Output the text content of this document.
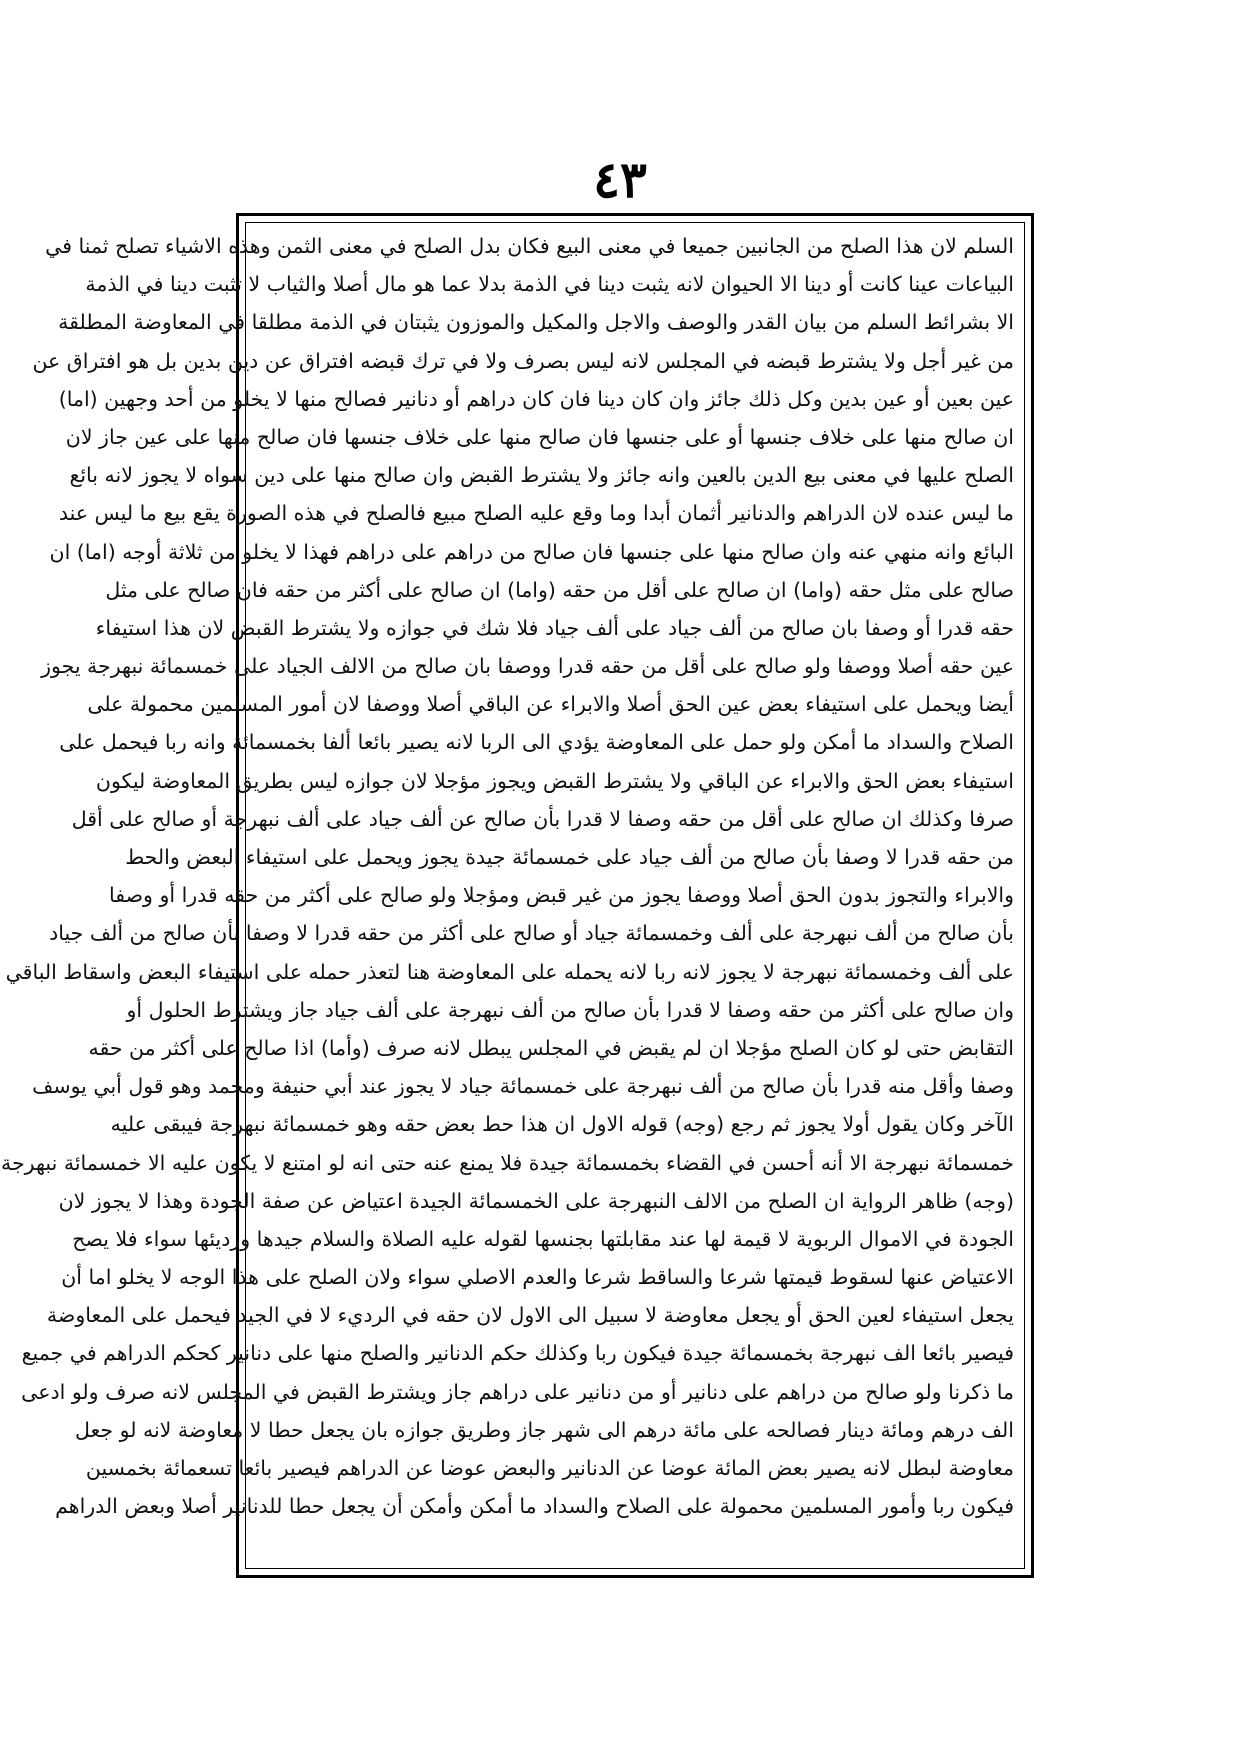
٤٣
السلم لان هذا الصلح من الجانبين جميعا في معنى البيع فكان بدل الصلح في معنى الثمن وهذه الاشياء تصلح ثمنا في
البياعات عينا كانت أو دينا الا الحيوان لانه يثبت دينا في الذمة بدلا عما هو مال أصلا والثياب لا تثبت دينا في الذمة
الا بشرائط السلم من بيان القدر والوصف والاجل والمكيل والموزون يثبتان في الذمة مطلقا في المعاوضة المطلقة
من غير أجل ولا يشترط قبضه في المجلس لانه ليس بصرف ولا في ترك قبضه افتراق عن دين بدين بل هو افتراق عن
عين بعين أو عين بدين وكل ذلك جائز وان كان دينا فان كان دراهم أو دنانير فصالح منها لا يخلو من أحد وجهين (اما)
ان صالح منها على خلاف جنسها أو على جنسها فان صالح منها على خلاف جنسها فان صالح منها على عين جاز لان
الصلح عليها في معنى بيع الدين بالعين وانه جائز ولا يشترط القبض وان صالح منها على دين سواه لا يجوز لانه بائع
ما ليس عنده لان الدراهم والدنانير أثمان أبدا وما وقع عليه الصلح مبيع فالصلح في هذه الصورة يقع بيع ما ليس عند
البائع وانه منهي عنه وان صالح منها على جنسها فان صالح من دراهم على دراهم فهذا لا يخلو من ثلاثة أوجه (اما) ان
صالح على مثل حقه (واما) ان صالح على أقل من حقه (واما) ان صالح على أكثر من حقه فان صالح على مثل
حقه قدرا أو وصفا بان صالح من ألف جياد على ألف جياد فلا شك في جوازه ولا يشترط القبض لان هذا استيفاء
عين حقه أصلا ووصفا ولو صالح على أقل من حقه قدرا ووصفا بان صالح من الالف الجياد على خمسمائة نبهرجة يجوز
أيضا ويحمل على استيفاء بعض عين الحق أصلا والابراء عن الباقي أصلا ووصفا لان أمور المسلمين محمولة على
الصلاح والسداد ما أمكن ولو حمل على المعاوضة يؤدي الى الربا لانه يصير بائعا ألفا بخمسمائة وانه ربا فيحمل على
استيفاء بعض الحق والابراء عن الباقي ولا يشترط القبض ويجوز مؤجلا لان جوازه ليس بطريق المعاوضة ليكون
صرفا وكذلك ان صالح على أقل من حقه وصفا لا قدرا بأن صالح عن ألف جياد على ألف نبهرجة أو صالح على أقل
من حقه قدرا لا وصفا بأن صالح من ألف جياد على خمسمائة جيدة يجوز ويحمل على استيفاء البعض والحط
والابراء والتجوز بدون الحق أصلا ووصفا يجوز من غير قبض ومؤجلا ولو صالح على أكثر من حقه قدرا أو وصفا
بأن صالح من ألف نبهرجة على ألف وخمسمائة جياد أو صالح على أكثر من حقه قدرا لا وصفا بأن صالح من ألف جياد
على ألف وخمسمائة نبهرجة لا يجوز لانه ربا لانه يحمله على المعاوضة هنا لتعذر حمله على استيفاء البعض واسقاط الباقي
وان صالح على أكثر من حقه وصفا لا قدرا بأن صالح من ألف نبهرجة على ألف جياد جاز ويشترط الحلول أو
التقابض حتى لو كان الصلح مؤجلا ان لم يقبض في المجلس يبطل لانه صرف (وأما) اذا صالح على أكثر من حقه
وصفا وأقل منه قدرا بأن صالح من ألف نبهرجة على خمسمائة جياد لا يجوز عند أبي حنيفة ومحمد وهو قول أبي يوسف
الآخر وكان يقول أولا يجوز ثم رجع (وجه) قوله الاول ان هذا حط بعض حقه وهو خمسمائة نبهرجة فيبقى عليه
خمسمائة نبهرجة الا أنه أحسن في القضاء بخمسمائة جيدة فلا يمنع عنه حتى انه لو امتنع لا يكون عليه الا خمسمائة نبهرجة
(وجه) ظاهر الرواية ان الصلح من الالف النبهرجة على الخمسمائة الجيدة اعتياض عن صفة الجودة وهذا لا يجوز لان
الجودة في الاموال الربوية لا قيمة لها عند مقابلتها بجنسها لقوله عليه الصلاة والسلام جيدها ورديئها سواء فلا يصح
الاعتياض عنها لسقوط قيمتها شرعا والساقط شرعا والعدم الاصلي سواء ولان الصلح على هذا الوجه لا يخلو اما أن
يجعل استيفاء لعين الحق أو يجعل معاوضة لا سبيل الى الاول لان حقه في الرديء لا في الجيد فيحمل على المعاوضة
فيصير بائعا الف نبهرجة بخمسمائة جيدة فيكون ربا وكذلك حكم الدنانير والصلح منها على دنانير كحكم الدراهم في جميع
ما ذكرنا ولو صالح من دراهم على دنانير أو من دنانير على دراهم جاز ويشترط القبض في المجلس لانه صرف ولو ادعى
الف درهم ومائة دينار فصالحه على مائة درهم الى شهر جاز وطريق جوازه بان يجعل حطا لا معاوضة لانه لو جعل
معاوضة لبطل لانه يصير بعض المائة عوضا عن الدنانير والبعض عوضا عن الدراهم فيصير بائعا تسعمائة بخمسين
فيكون ربا وأمور المسلمين محمولة على الصلاح والسداد ما أمكن وأمكن أن يجعل حطا للدنانير أصلا وبعض الدراهم
